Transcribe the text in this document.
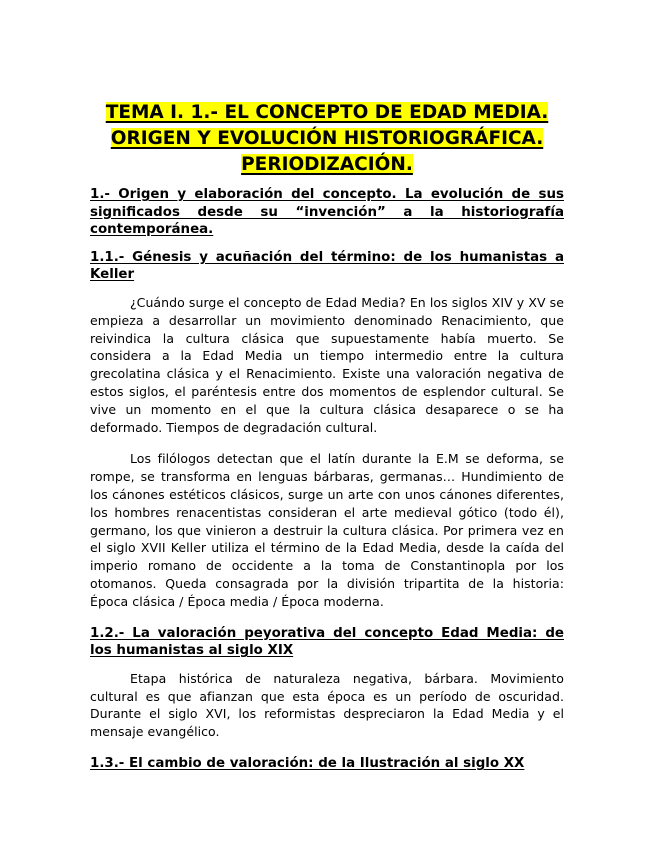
TEMA I. 1.- EL CONCEPTO DE EDAD MEDIA.
ORIGEN Y EVOLUCIÓN HISTORIOGRÁFICA.
PERIODIZACIÓN.

1.- Origen y elaboración del concepto. La evolución de sus significados desde su “invención” a la historiografía contemporánea.

1.1.- Génesis y acuñación del término: de los humanistas a Keller

¿Cuándo surge el concepto de Edad Media? En los siglos XIV y XV se empieza a desarrollar un movimiento denominado Renacimiento, que reivindica la cultura clásica que supuestamente había muerto. Se considera a la Edad Media un tiempo intermedio entre la cultura grecolatina clásica y el Renacimiento. Existe una valoración negativa de estos siglos, el paréntesis entre dos momentos de esplendor cultural. Se vive un momento en el que la cultura clásica desaparece o se ha deformado. Tiempos de degradación cultural.

Los filólogos detectan que el latín durante la E.M se deforma, se rompe, se transforma en lenguas bárbaras, germanas… Hundimiento de los cánones estéticos clásicos, surge un arte con unos cánones diferentes, los hombres renacentistas consideran el arte medieval gótico (todo él), germano, los que vinieron a destruir la cultura clásica. Por primera vez en el siglo XVII Keller utiliza el término de la Edad Media, desde la caída del imperio romano de occidente a la toma de Constantinopla por los otomanos. Queda consagrada por la división tripartita de la historia: Época clásica / Época media / Época moderna.

1.2.- La valoración peyorativa del concepto Edad Media: de los humanistas al siglo XIX

Etapa histórica de naturaleza negativa, bárbara. Movimiento cultural es que afianzan que esta época es un período de oscuridad. Durante el siglo XVI, los reformistas despreciaron la Edad Media y el mensaje evangélico.

1.3.- El cambio de valoración: de la Ilustración al siglo XX
